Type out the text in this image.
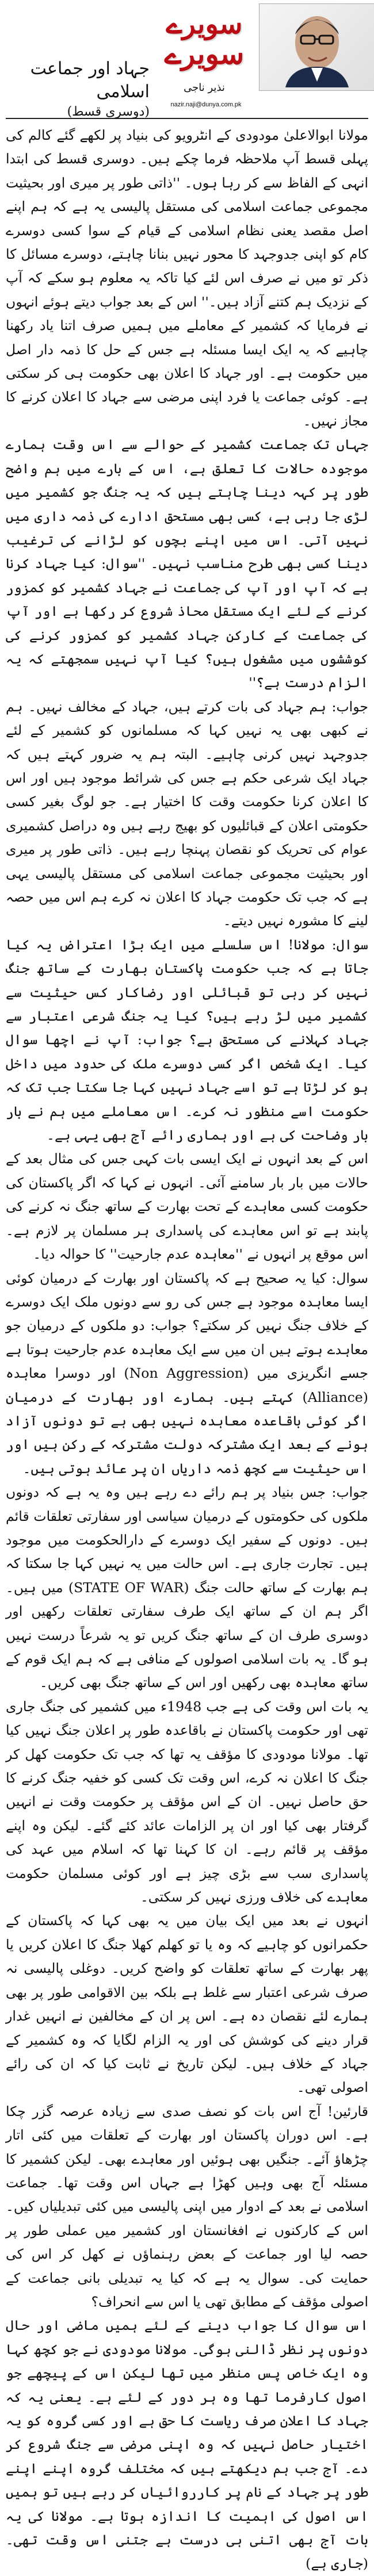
سویرے
سویرے
نذیر ناجی
nazir.naji@dunya.com.pk
جہاد اور جماعت اسلامی
(دوسری قسط)

مولانا ابوالاعلیٰ مودودی کے انٹرویو کی بنیاد پر لکھے گئے کالم کی پہلی قسط آپ ملاحظہ فرما چکے ہیں۔ دوسری قسط کی ابتدا انہی کے الفاظ سے کر رہا ہوں۔ ''ذاتی طور پر میری اور بحیثیت مجموعی جماعت اسلامی کی مستقل پالیسی یہ ہے کہ ہم اپنے اصل مقصد یعنی نظام اسلامی کے قیام کے سوا کسی دوسرے کام کو اپنی جدوجہد کا محور نہیں بنانا چاہتے، دوسرے مسائل کا ذکر تو میں نے صرف اس لئے کیا تاکہ یہ معلوم ہو سکے کہ آپ کے نزدیک ہم کتنے آزاد ہیں۔'' اس کے بعد جواب دیتے ہوئے انہوں نے فرمایا کہ کشمیر کے معاملے میں ہمیں صرف اتنا یاد رکھنا چاہیے کہ یہ ایک ایسا مسئلہ ہے جس کے حل کا ذمہ دار اصل میں حکومت ہے۔ اور جہاد کا اعلان بھی حکومت ہی کر سکتی ہے۔ کوئی جماعت یا فرد اپنی مرضی سے جہاد کا اعلان کرنے کا مجاز نہیں۔

جہاں تک جماعت کشمیر کے حوالے سے اس وقت ہمارے موجودہ حالات کا تعلق ہے، اس کے بارے میں ہم واضح طور پر کہہ دینا چاہتے ہیں کہ یہ جنگ جو کشمیر میں لڑی جا رہی ہے، کسی بھی مستحق ادارے کی ذمہ داری میں نہیں آتی۔ اس میں اپنے بچوں کو لڑانے کی ترغیب دینا کسی بھی طرح مناسب نہیں۔ ''سوال: کیا جہاد کرنا ہے کہ آپ اور آپ کی جماعت نے جہاد کشمیر کو کمزور کرنے کے لئے ایک مستقل محاذ شروع کر رکھا ہے اور آپ کی جماعت کے کارکن جہاد کشمیر کو کمزور کرنے کی کوششوں میں مشغول ہیں؟ کیا آپ نہیں سمجھتے کہ یہ الزام درست ہے؟''

جواب: ہم جہاد کی بات کرتے ہیں، جہاد کے مخالف نہیں۔ ہم نے کبھی بھی یہ نہیں کہا کہ مسلمانوں کو کشمیر کے لئے جدوجہد نہیں کرنی چاہیے۔ البتہ ہم یہ ضرور کہتے ہیں کہ جہاد ایک شرعی حکم ہے جس کی شرائط موجود ہیں اور اس کا اعلان کرنا حکومت وقت کا اختیار ہے۔ جو لوگ بغیر کسی حکومتی اعلان کے قبائلیوں کو بھیج رہے ہیں وہ دراصل کشمیری عوام کی تحریک کو نقصان پہنچا رہے ہیں۔ ذاتی طور پر میری اور بحیثیت مجموعی جماعت اسلامی کی مستقل پالیسی یہی ہے کہ جب تک حکومت جہاد کا اعلان نہ کرے ہم اس میں حصہ لینے کا مشورہ نہیں دیتے۔

سوال: مولانا! اس سلسلے میں ایک بڑا اعتراض یہ کیا جاتا ہے کہ جب حکومت پاکستان بھارت کے ساتھ جنگ نہیں کر رہی تو قبائلی اور رضاکار کس حیثیت سے کشمیر میں لڑ رہے ہیں؟ کیا یہ جنگ شرعی اعتبار سے جہاد کہلانے کی مستحق ہے؟ جواب: آپ نے اچھا سوال کیا۔ ایک شخص اگر کسی دوسرے ملک کی حدود میں داخل ہو کر لڑتا ہے تو اسے جہاد نہیں کہا جا سکتا جب تک کہ حکومت اسے منظور نہ کرے۔ اس معاملے میں ہم نے بار بار وضاحت کی ہے اور ہماری رائے آج بھی یہی ہے۔

اس کے بعد انہوں نے ایک ایسی بات کہی جس کی مثال بعد کے حالات میں بار بار سامنے آئی۔ انہوں نے کہا کہ اگر پاکستان کی حکومت کسی معاہدے کے تحت بھارت کے ساتھ جنگ نہ کرنے کی پابند ہے تو اس معاہدے کی پاسداری ہر مسلمان پر لازم ہے۔ اس موقع پر انہوں نے ''معاہدہ عدم جارحیت'' کا حوالہ دیا۔

سوال: کیا یہ صحیح ہے کہ پاکستان اور بھارت کے درمیان کوئی ایسا معاہدہ موجود ہے جس کی رو سے دونوں ملک ایک دوسرے کے خلاف جنگ نہیں کر سکتے؟ جواب: دو ملکوں کے درمیان جو معاہدے ہوتے ہیں ان میں سے ایک معاہدہ عدم جارحیت ہوتا ہے جسے انگریزی میں (Non Aggression) اور دوسرا معاہدہ (Alliance) کہتے ہیں۔ ہمارے اور بھارت کے درمیان اگر کوئی باقاعدہ معاہدہ نہیں بھی ہے تو دونوں آزاد ہونے کے بعد ایک مشترکہ دولت مشترکہ کے رکن ہیں اور اس حیثیت سے کچھ ذمہ داریاں ان پر عائد ہوتی ہیں۔

جواب: جس بنیاد پر ہم رائے دے رہے ہیں وہ یہ ہے کہ دونوں ملکوں کی حکومتوں کے درمیان سیاسی اور سفارتی تعلقات قائم ہیں۔ دونوں کے سفیر ایک دوسرے کے دارالحکومت میں موجود ہیں۔ تجارت جاری ہے۔ اس حالت میں یہ نہیں کہا جا سکتا کہ ہم بھارت کے ساتھ حالت جنگ (STATE OF WAR) میں ہیں۔ اگر ہم ان کے ساتھ ایک طرف سفارتی تعلقات رکھیں اور دوسری طرف ان کے ساتھ جنگ کریں تو یہ شرعاً درست نہیں ہو گا۔ یہ بات اسلامی اصولوں کے منافی ہے کہ ہم ایک قوم کے ساتھ معاہدہ بھی رکھیں اور اس کے ساتھ جنگ بھی کریں۔

یہ بات اس وقت کی ہے جب 1948ء میں کشمیر کی جنگ جاری تھی اور حکومت پاکستان نے باقاعدہ طور پر اعلان جنگ نہیں کیا تھا۔ مولانا مودودی کا مؤقف یہ تھا کہ جب تک حکومت کھل کر جنگ کا اعلان نہ کرے، اس وقت تک کسی کو خفیہ جنگ کرنے کا حق حاصل نہیں۔ ان کے اس مؤقف پر حکومت وقت نے انہیں گرفتار بھی کیا اور ان پر الزامات عائد کئے گئے۔ لیکن وہ اپنے مؤقف پر قائم رہے۔ ان کا کہنا تھا کہ اسلام میں عہد کی پاسداری سب سے بڑی چیز ہے اور کوئی مسلمان حکومت معاہدے کی خلاف ورزی نہیں کر سکتی۔

انہوں نے بعد میں ایک بیان میں یہ بھی کہا کہ پاکستان کے حکمرانوں کو چاہیے کہ وہ یا تو کھلم کھلا جنگ کا اعلان کریں یا پھر بھارت کے ساتھ تعلقات کو واضح کریں۔ دوغلی پالیسی نہ صرف شرعی اعتبار سے غلط ہے بلکہ بین الاقوامی طور پر بھی ہمارے لئے نقصان دہ ہے۔ اس پر ان کے مخالفین نے انہیں غدار قرار دینے کی کوشش کی اور یہ الزام لگایا کہ وہ کشمیر کے جہاد کے خلاف ہیں۔ لیکن تاریخ نے ثابت کیا کہ ان کی رائے اصولی تھی۔

قارئین! آج اس بات کو نصف صدی سے زیادہ عرصہ گزر چکا ہے۔ اس دوران پاکستان اور بھارت کے تعلقات میں کئی اتار چڑھاؤ آئے۔ جنگیں بھی ہوئیں اور معاہدے بھی۔ لیکن کشمیر کا مسئلہ آج بھی وہیں کھڑا ہے جہاں اس وقت تھا۔ جماعت اسلامی نے بعد کے ادوار میں اپنی پالیسی میں کئی تبدیلیاں کیں۔ اس کے کارکنوں نے افغانستان اور کشمیر میں عملی طور پر حصہ لیا اور جماعت کے بعض رہنماؤں نے کھل کر اس کی حمایت کی۔ سوال یہ ہے کہ کیا یہ تبدیلی بانی جماعت کے اصولی مؤقف کے مطابق تھی یا اس سے انحراف؟

اس سوال کا جواب دینے کے لئے ہمیں ماضی اور حال دونوں پر نظر ڈالنی ہوگی۔ مولانا مودودی نے جو کچھ کہا وہ ایک خاص پس منظر میں تھا لیکن اس کے پیچھے جو اصول کارفرما تھا وہ ہر دور کے لئے ہے۔ یعنی یہ کہ جہاد کا اعلان صرف ریاست کا حق ہے اور کسی گروہ کو یہ اختیار حاصل نہیں کہ وہ اپنی مرضی سے جنگ شروع کر دے۔ آج جب ہم دیکھتے ہیں کہ مختلف گروہ اپنے اپنے طور پر جہاد کے نام پر کارروائیاں کر رہے ہیں تو ہمیں اس اصول کی اہمیت کا اندازہ ہوتا ہے۔ مولانا کی یہ بات آج بھی اتنی ہی درست ہے جتنی اس وقت تھی۔ (جاری ہے)
